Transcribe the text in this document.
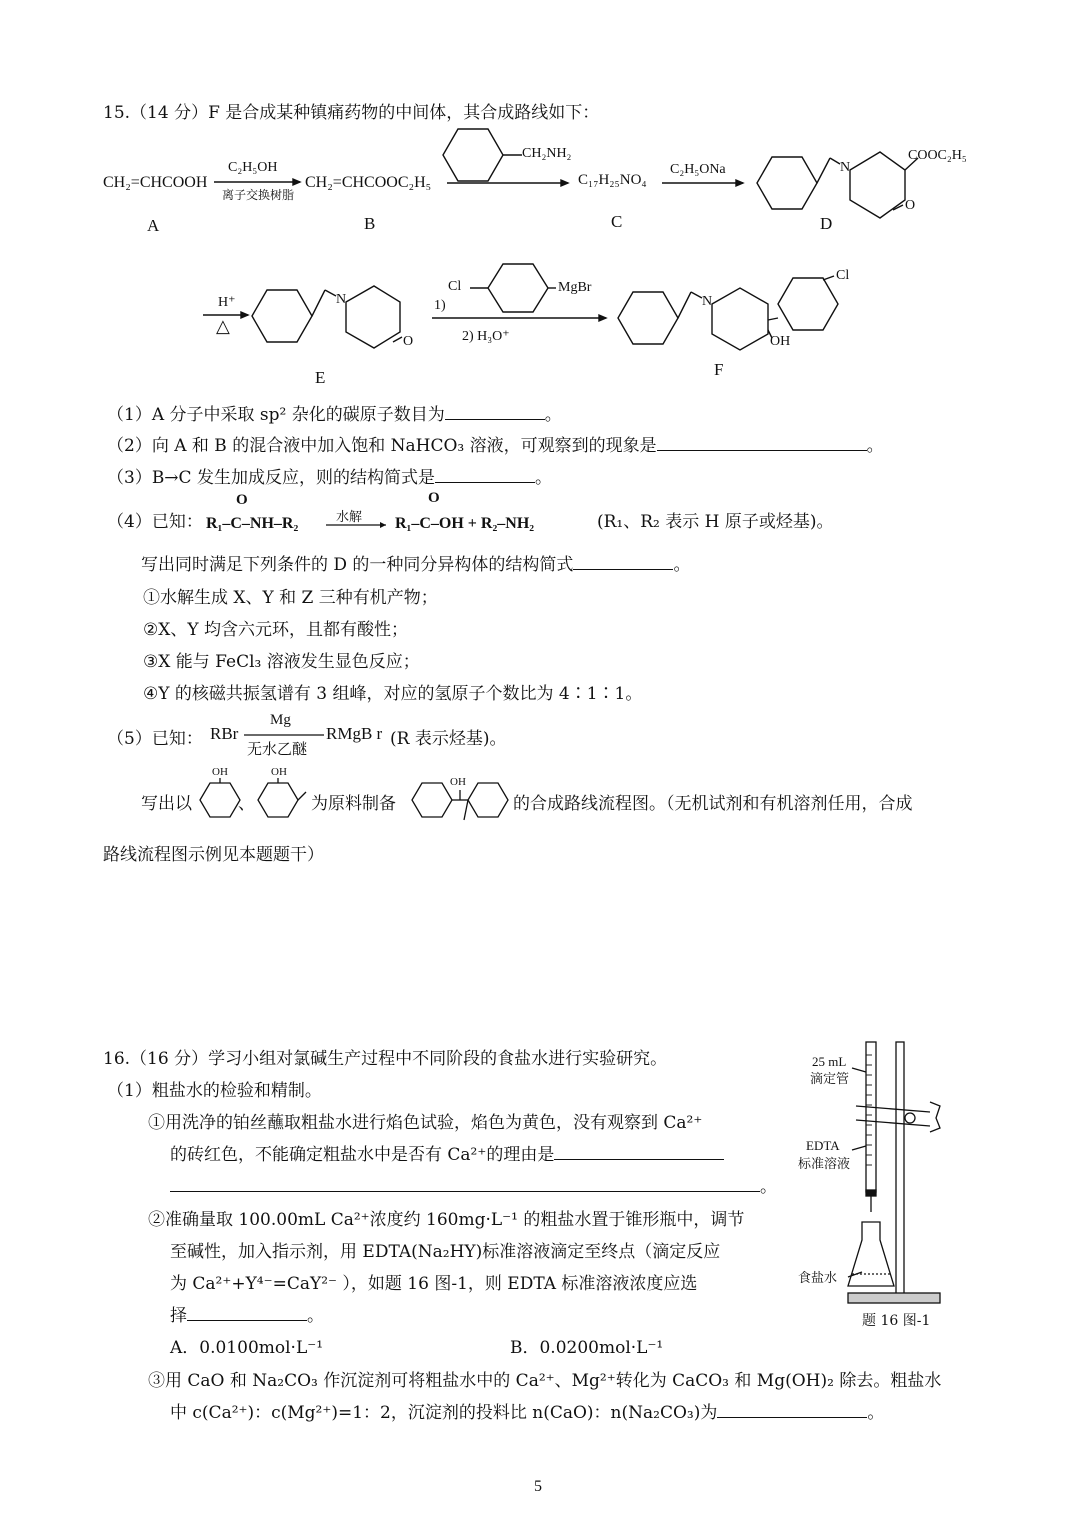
15.（14 分）F 是合成某种镇痛药物的中间体，其合成路线如下：
CH₂=CHCOOH
C₂H₅OH
离子交换树脂
CH₂=CHCOOC₂H₅
CH₂NH₂
C₁₇H₂₅NO₄
C₂H₅ONa
COOC₂H₅
N
O
A	B	C	D
H⁺
△
N
O
E
Cl	MgBr
1)
2) H₃O⁺
N
Cl
OH
F
（1）A 分子中采取 sp² 杂化的碳原子数目为	。
（2）向 A 和 B 的混合液中加入饱和 NaHCO₃ 溶液，可观察到的现象是	。
（3）B→C 发生加成反应，则的结构简式是	。
（4）已知：
O
R₁–C–NH–R₂	水解
O
R₁–C–OH + R₂–NH₂	(R₁、R₂ 表示 H 原子或烃基)。
写出同时满足下列条件的 D 的一种同分异构体的结构简式	。
①水解生成 X、Y 和 Z 三种有机产物；
②X、Y 均含六元环，且都有酸性；
③X 能与 FeCl₃ 溶液发生显色反应；
④Y 的核磁共振氢谱有 3 组峰，对应的氢原子个数比为 4∶1∶1。
（5）已知： RBr
Mg
无水乙醚
RMgB r (R 表示烃基)。
写出以	、	为原料制备	的合成路线流程图。（无机试剂和有机溶剂任用，合成
路线流程图示例见本题题干）
OH	OH
OH
16.（16 分）学习小组对氯碱生产过程中不同阶段的食盐水进行实验研究。
（1）粗盐水的检验和精制。
①用洗净的铂丝蘸取粗盐水进行焰色试验，焰色为黄色，没有观察到 Ca²⁺
的砖红色，不能确定粗盐水中是否有 Ca²⁺的理由是
。
②准确量取 100.00mL Ca²⁺浓度约 160mg·L⁻¹ 的粗盐水置于锥形瓶中，调节
至碱性，加入指示剂，用 EDTA(Na₂HY)标准溶液滴定至终点（滴定反应
为 Ca²⁺+Y⁴⁻=CaY²⁻ ），如题 16 图-1，则 EDTA 标准溶液浓度应选
择	。
A．0.0100mol·L⁻¹	B．0.0200mol·L⁻¹
③用 CaO 和 Na₂CO₃ 作沉淀剂可将粗盐水中的 Ca²⁺、Mg²⁺转化为 CaCO₃ 和 Mg(OH)₂ 除去。粗盐水
中 c(Ca²⁺)：c(Mg²⁺)=1：2，沉淀剂的投料比 n(CaO)：n(Na₂CO₃)为	。
25 mL
滴定管
EDTA
标准溶液
食盐水
题 16 图-1
5
